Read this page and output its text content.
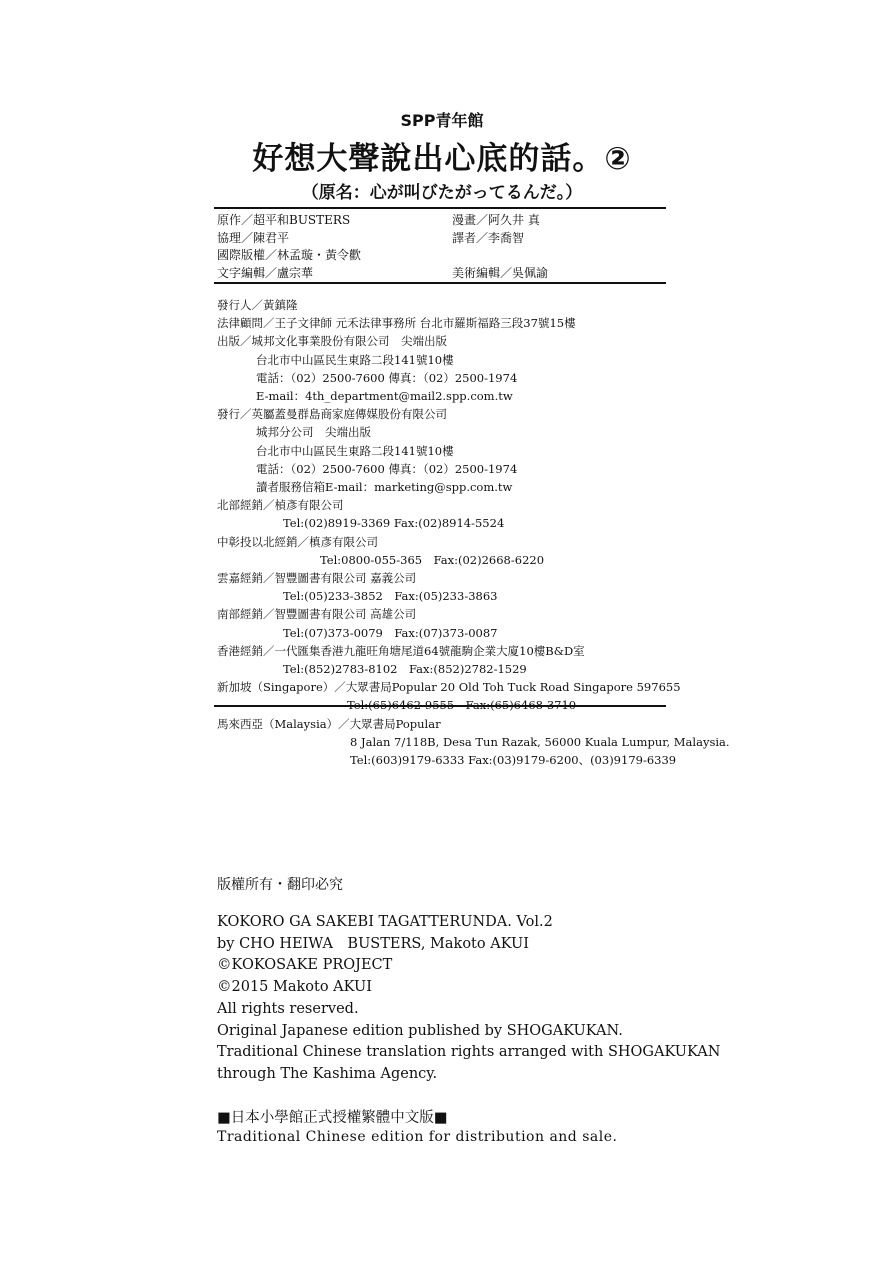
SPP青年館
好想大聲說出心底的話。②
（原名：心が叫びたがってるんだ。）
原作／超平和BUSTERS
協理／陳君平
國際版權／林孟璇・黃令歡
文字編輯／盧宗華
漫畫／阿久井 真
譯者／李喬智

美術編輯／吳佩諭
發行人／黃鎮隆
法律顧問／王子文律師 元禾法律事務所 台北市羅斯福路三段37號15樓
出版／城邦文化事業股份有限公司　尖端出版
台北市中山區民生東路二段141號10樓
電話：（02）2500-7600 傳真：（02）2500-1974
E-mail：4th_department@mail2.spp.com.tw
發行／英屬蓋曼群島商家庭傳媒股份有限公司
城邦分公司　尖端出版
台北市中山區民生東路二段141號10樓
電話：（02）2500-7600 傳真：（02）2500-1974
讀者服務信箱E-mail：marketing@spp.com.tw
北部經銷／楨彥有限公司
Tel:(02)8919-3369 Fax:(02)8914-5524
中彰投以北經銷／槙彥有限公司
Tel:0800-055-365　Fax:(02)2668-6220
雲嘉經銷／智豐圖書有限公司 嘉義公司
Tel:(05)233-3852　Fax:(05)233-3863
南部經銷／智豐圖書有限公司 高雄公司
Tel:(07)373-0079　Fax:(07)373-0087
香港經銷／一代匯集香港九龍旺角塘尾道64號龍駒企業大廈10樓B&D室
Tel:(852)2783-8102　Fax:(852)2782-1529
新加坡（Singapore）／大眾書局Popular 20 Old Toh Tuck Road Singapore 597655
Tel:(65)6462-9555　Fax:(65)6468-3710
馬來西亞（Malaysia）／大眾書局Popular
8 Jalan 7/118B, Desa Tun Razak, 56000 Kuala Lumpur, Malaysia.
Tel:(603)9179-6333 Fax:(03)9179-6200、(03)9179-6339
版權所有・翻印必究
KOKORO GA SAKEBI TAGATTERUNDA. Vol.2
by CHO HEIWA　BUSTERS, Makoto AKUI
©KOKOSAKE PROJECT
©2015 Makoto AKUI
All rights reserved.
Original Japanese edition published by SHOGAKUKAN.
Traditional Chinese translation rights arranged with SHOGAKUKAN
through The Kashima Agency.
■日本小學館正式授權繁體中文版■
Traditional Chinese edition for distribution and sale.
